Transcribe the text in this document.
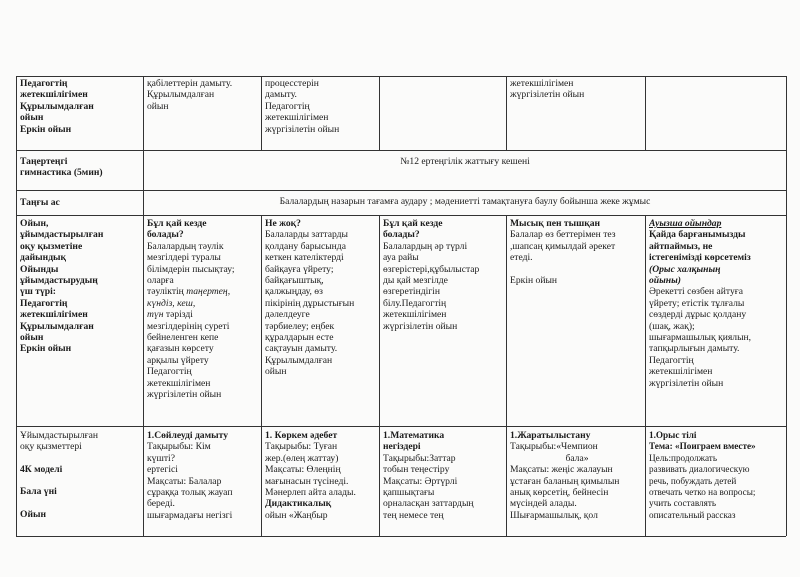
Педагогтің
жетекшілігімен
Құрылымдалған
ойын
Еркін ойын
қабілеттерін дамыту.
Құрылымдалған
ойын
процесстерін
дамыту.
Педагогтің
жетекшілігімен
жүргізілетін ойын
жетекшілігімен
жүргізілетін ойын
Таңертеңгі
гимнастика (5мин)
№12 ертеңгілік жаттығу кешені
Таңғы ас	Балалардың назарын тағамға аудару ; мәдениетті тамақтануға баулу бойынша жеке жұмыс
Ойын,
ұйымдастырылған
оқу қызметіне
дайындық
Ойынды
ұйымдастырудың
үш түрі:
Педагогтің
жетекшілігімен
Құрылымдалған
ойын
Еркін ойын
Бұл қай кезде
болады?
Балалардың тәулік
мезгілдері туралы
білімдерін пысықтау;
оларға
тәуліктің таңертең,
күндіз, кеш,
түн тәрізді
мезгілдерінің суреті
бейнеленген кепе
қағазын көрсету
арқылы үйрету
Педагогтің
жетекшілігімен
жүргізілетін ойын
Не жоқ?
Балаларды заттарды
қолдану барысында
кеткен кателіктерді
байқауға үйрету;
байқағыштық,
қалжыңдау, өз
пікірінің дұрыстығын
дәлелдеуге
тәрбиелеу; еңбек
құралдарын есте
сақтауын дамыту.
Құрылымдалған
ойын
Бұл қай кезде
болады?
Балалардың әр түрлі
ауа райы
өзгерістері,құбылыстар
ды қай мезгілде
өзгеретіндігін
білу.Педагогтің
жетекшілігімен
жүргізілетін ойын
Мысық пен тышқан
Балалар өз беттерімен тез
,шапсаң қимылдай әрекет
етеді.
Еркін ойын
Ауызша ойындар
Қайда барғанымызды
айтпаймыз, не
істегенімізді көрсетеміз
(Орыс халқының
ойыны)
Әрекетті сөзбен айтуға
үйрету; етістік тұлғалы
сөздерді дұрыс қолдану
(шақ, жақ);
шығармашылық қиялын,
тапқырлығын дамыту.
Педагогтің
жетекшілігімен
жүргізілетін ойын
Ұйымдастырылған
оқу қызметтері
4К моделі
Бала үні
Ойын
1.Сөйлеуді дамыту
Тақырыбы: Кім
күшті?
ертегісі
Мақсаты: Балалар
сұраққа толық жауап
береді.
шығармадағы негізгі
1. Көркем әдебет
Тақырыбы: Туған
жер.(өлең жаттау)
Мақсаты: Өлеңнің
мағынасын түсінеді.
Мәнерлеп айта алады.
Дидактикалық
ойын «Жаңбыр
1.Математика
негіздері
Тақырыбы:Заттар
тобын теңестіру
Мақсаты: Әртүрлі
қапшықтағы
орналасқан заттардың
тең немесе тең
1.Жаратылыстану
Тақырыбы:«Чемпион
бала»
Мақсаты: жеңіс жалауын
ұстаған баланың қимылын
анық көрсетің, бейнесін
мүсіндей алады.
Шығармашылық, қол
1.Орыс тілі
Тема: «Поиграем вместе»
Цель:продолжать
развивать диалогическую
речь, побуждать детей
отвечать четко на вопросы;
учить составлять
описательный рассказ
